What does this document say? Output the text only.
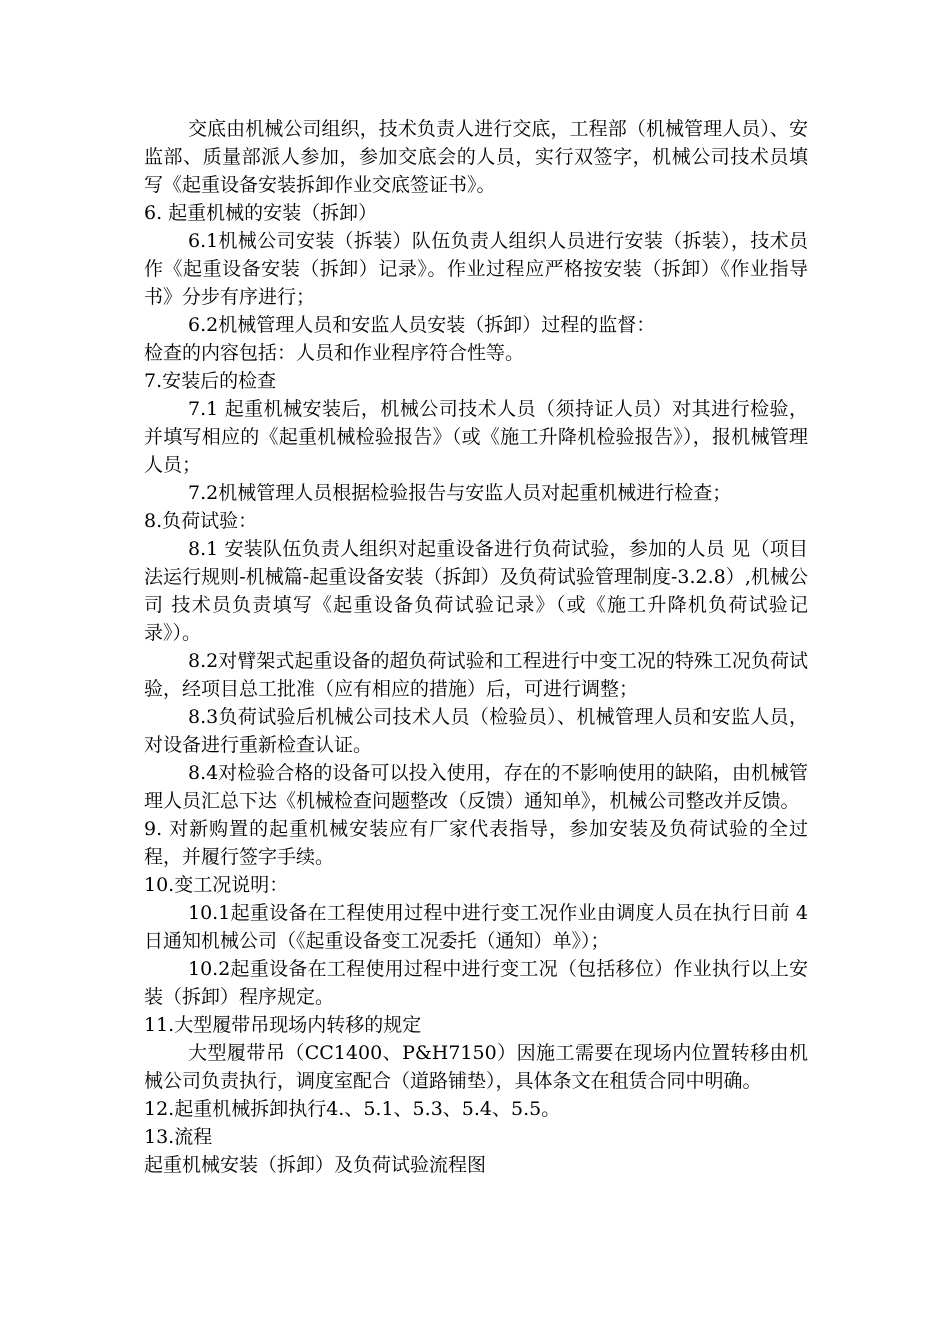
交底由机械公司组织，技术负责人进行交底，工程部（机械管理人员）、安监部、质量部派人参加，参加交底会的人员，实行双签字，机械公司技术员填写《起重设备安装拆卸作业交底签证书》。

6. 起重机械的安装（拆卸）

6.1机械公司安装（拆装）队伍负责人组织人员进行安装（拆装），技术员作《起重设备安装（拆卸）记录》。作业过程应严格按安装（拆卸）《作业指导书》分步有序进行；

6.2机械管理人员和安监人员安装（拆卸）过程的监督：

检查的内容包括：人员和作业程序符合性等。

7.安装后的检查

7.1 起重机械安装后，机械公司技术人员（须持证人员）对其进行检验，并填写相应的《起重机械检验报告》（或《施工升降机检验报告》），报机械管理人员；

7.2机械管理人员根据检验报告与安监人员对起重机械进行检查；

8.负荷试验：

8.1 安装队伍负责人组织对起重设备进行负荷试验，参加的人员 见（项目法运行规则-机械篇-起重设备安装（拆卸）及负荷试验管理制度-3.2.8）,机械公司 技术员负责填写《起重设备负荷试验记录》（或《施工升降机负荷试验记录》）。

8.2对臂架式起重设备的超负荷试验和工程进行中变工况的特殊工况负荷试验，经项目总工批准（应有相应的措施）后，可进行调整；

8.3负荷试验后机械公司技术人员（检验员）、机械管理人员和安监人员，对设备进行重新检查认证。

8.4对检验合格的设备可以投入使用，存在的不影响使用的缺陷，由机械管理人员汇总下达《机械检查问题整改（反馈）通知单》，机械公司整改并反馈。

9. 对新购置的起重机械安装应有厂家代表指导，参加安装及负荷试验的全过程，并履行签字手续。

10.变工况说明：

10.1起重设备在工程使用过程中进行变工况作业由调度人员在执行日前 4 日通知机械公司（《起重设备变工况委托（通知）单》）；

10.2起重设备在工程使用过程中进行变工况（包括移位）作业执行以上安装（拆卸）程序规定。

11.大型履带吊现场内转移的规定

大型履带吊（CC1400、P&H7150）因施工需要在现场内位置转移由机械公司负责执行，调度室配合（道路铺垫），具体条文在租赁合同中明确。

12.起重机械拆卸执行4.、5.1、5.3、5.4、5.5。

13.流程

起重机械安装（拆卸）及负荷试验流程图
